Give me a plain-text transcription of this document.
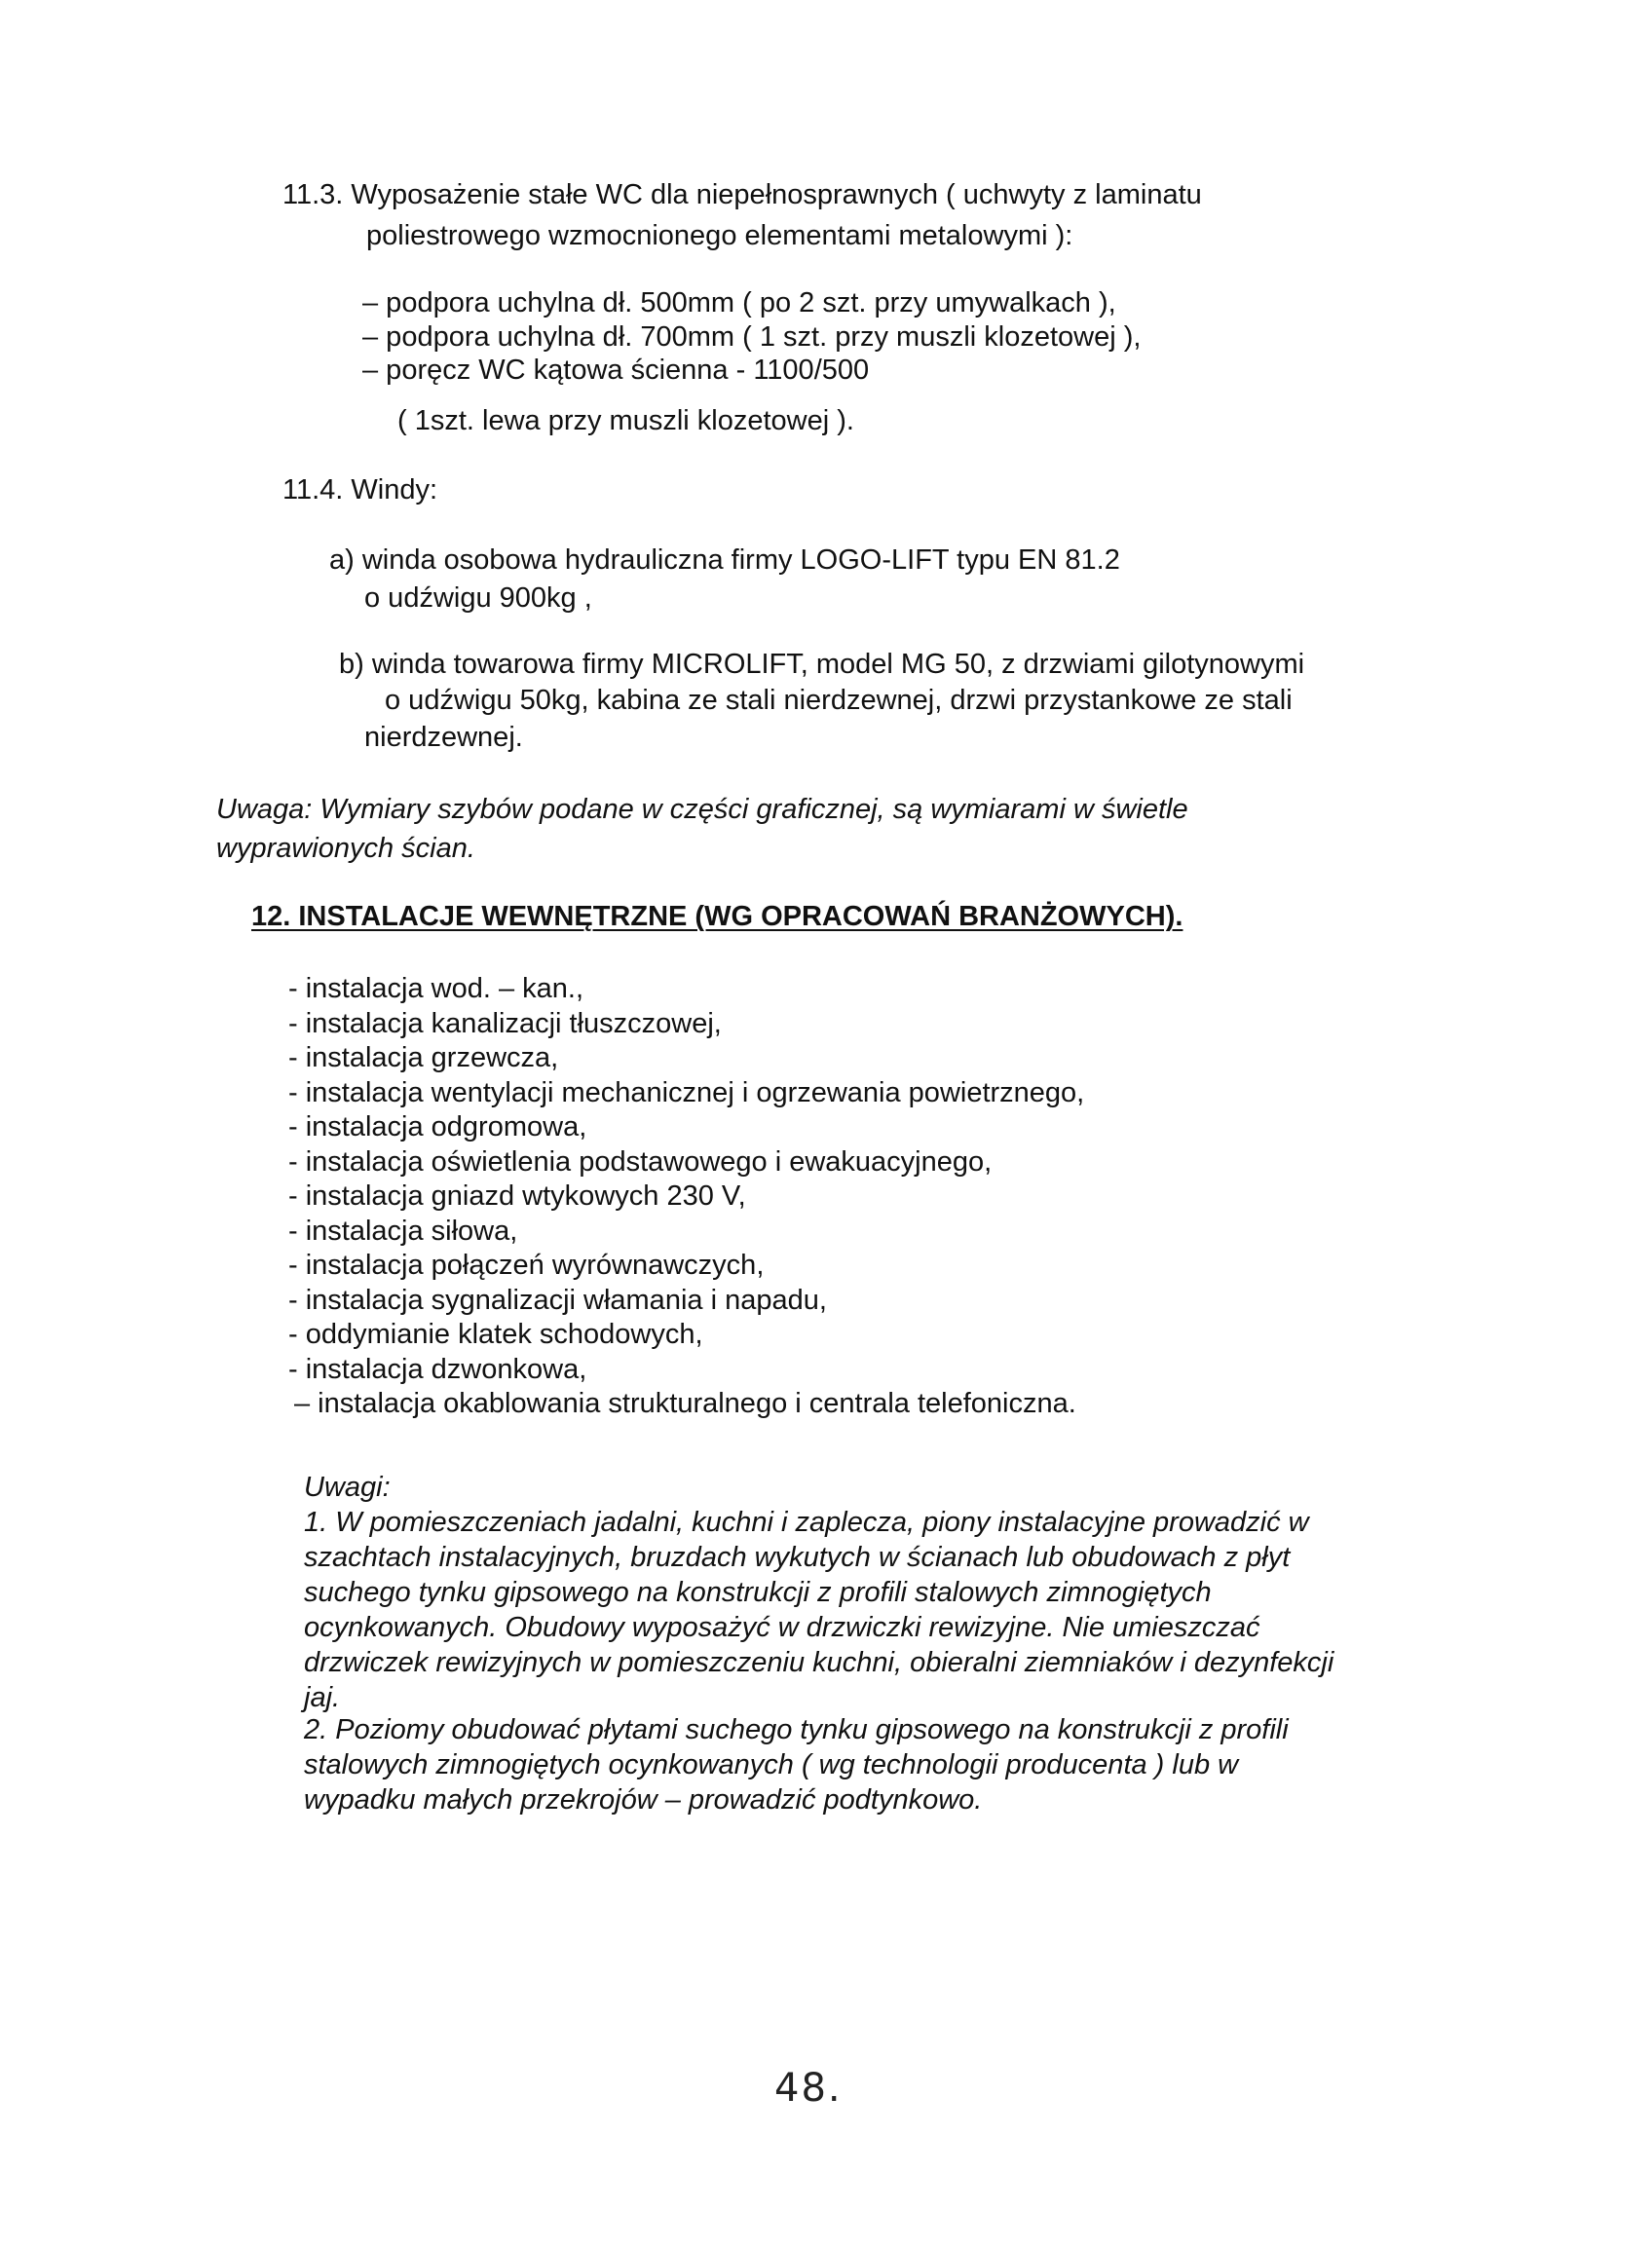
11.3. Wyposażenie stałe WC dla niepełnosprawnych ( uchwyty z laminatu
poliestrowego wzmocnionego elementami metalowymi ):
– podpora uchylna dł. 500mm ( po 2 szt. przy umywalkach ),
– podpora uchylna dł. 700mm ( 1 szt. przy muszli klozetowej ),
– poręcz WC kątowa ścienna - 1100/500
( 1szt. lewa przy muszli klozetowej ).
11.4. Windy:
a) winda osobowa hydrauliczna firmy LOGO-LIFT typu EN 81.2
o udźwigu 900kg ,
b) winda towarowa firmy MICROLIFT, model MG 50, z drzwiami gilotynowymi
o udźwigu 50kg, kabina ze stali nierdzewnej, drzwi przystankowe ze stali
nierdzewnej.
Uwaga: Wymiary szybów podane w części graficznej, są wymiarami w świetle
wyprawionych ścian.
12. INSTALACJE WEWNĘTRZNE (WG OPRACOWAŃ BRANŻOWYCH).
- instalacja wod. – kan.,
- instalacja kanalizacji tłuszczowej,
- instalacja grzewcza,
- instalacja wentylacji mechanicznej i ogrzewania powietrznego,
- instalacja odgromowa,
- instalacja oświetlenia podstawowego i ewakuacyjnego,
- instalacja gniazd wtykowych 230 V,
- instalacja siłowa,
- instalacja połączeń wyrównawczych,
- instalacja sygnalizacji włamania i napadu,
- oddymianie klatek schodowych,
- instalacja dzwonkowa,
– instalacja okablowania strukturalnego i centrala telefoniczna.
Uwagi:
1. W pomieszczeniach jadalni, kuchni i zaplecza, piony instalacyjne prowadzić w
szachtach instalacyjnych, bruzdach wykutych w ścianach lub obudowach z płyt
suchego tynku gipsowego na konstrukcji z profili stalowych zimnogiętych
ocynkowanych. Obudowy wyposażyć w drzwiczki rewizyjne. Nie umieszczać
drzwiczek rewizyjnych w pomieszczeniu kuchni, obieralni ziemniaków i dezynfekcji
jaj.
2. Poziomy obudować płytami suchego tynku gipsowego na konstrukcji z profili
stalowych zimnogiętych ocynkowanych ( wg technologii producenta ) lub w
wypadku małych przekrojów – prowadzić podtynkowo.
48.
